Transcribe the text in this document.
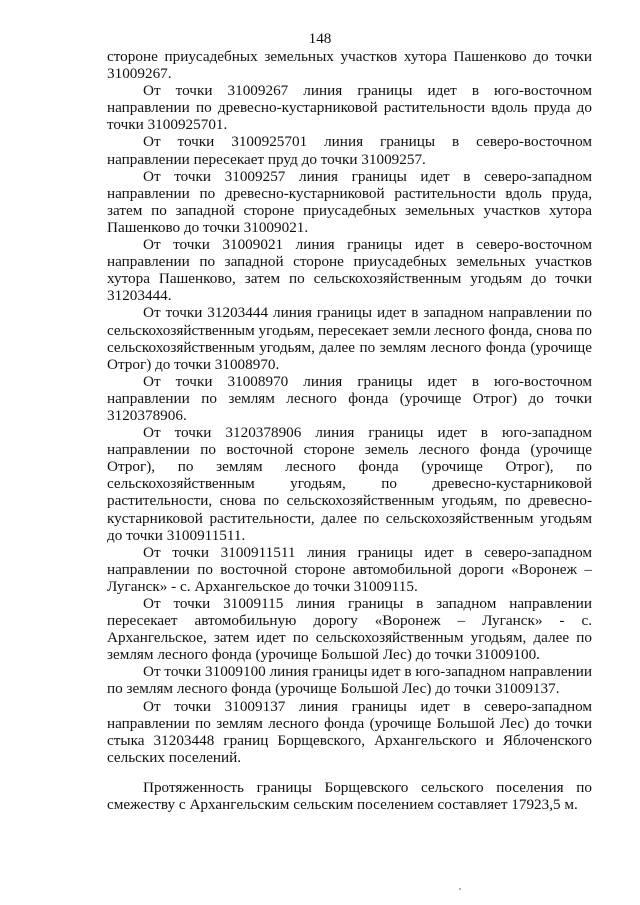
148

стороне приусадебных земельных участков хутора Пашенково до точки 31009267.

От точки 31009267 линия границы идет в юго-восточном направлении по древесно-кустарниковой растительности вдоль пруда до точки 3100925701.

От точки 3100925701 линия границы в северо-восточном направлении пересекает пруд до точки 31009257.

От точки 31009257 линия границы идет в северо-западном направлении по древесно-кустарниковой растительности вдоль пруда, затем по западной стороне приусадебных земельных участков хутора Пашенково до точки 31009021.

От точки 31009021 линия границы идет в северо-восточном направлении по западной стороне приусадебных земельных участков хутора Пашенково, затем по сельскохозяйственным угодьям до точки 31203444.

От точки 31203444 линия границы идет в западном направлении по сельскохозяйственным угодьям, пересекает земли лесного фонда, снова по сельскохозяйственным угодьям, далее по землям лесного фонда (урочище Отрог) до точки 31008970.

От точки 31008970 линия границы идет в юго-восточном направлении по землям лесного фонда (урочище Отрог) до точки 3120378906.

От точки 3120378906 линия границы идет в юго-западном направлении по восточной стороне земель лесного фонда (урочище Отрог), по землям лесного фонда (урочище Отрог), по сельскохозяйственным угодьям, по древесно-кустарниковой растительности, снова по сельскохозяйственным угодьям, по древесно-кустарниковой растительности, далее по сельскохозяйственным угодьям до точки 3100911511.

От точки 3100911511 линия границы идет в северо-западном направлении по восточной стороне автомобильной дороги «Воронеж – Луганск» - с. Архангельское до точки 31009115.

От точки 31009115 линия границы в западном направлении пересекает автомобильную дорогу «Воронеж – Луганск» - с. Архангельское, затем идет по сельскохозяйственным угодьям, далее по землям лесного фонда (урочище Большой Лес) до точки 31009100.

От точки 31009100 линия границы идет в юго-западном направлении по землям лесного фонда (урочище Большой Лес) до точки 31009137.

От точки 31009137 линия границы идет в северо-западном направлении по землям лесного фонда (урочище Большой Лес) до точки стыка 31203448 границ Борщевского, Архангельского и Яблоченского сельских поселений.

Протяженность границы Борщевского сельского поселения по смежеству с Архангельским сельским поселением составляет 17923,5 м.
